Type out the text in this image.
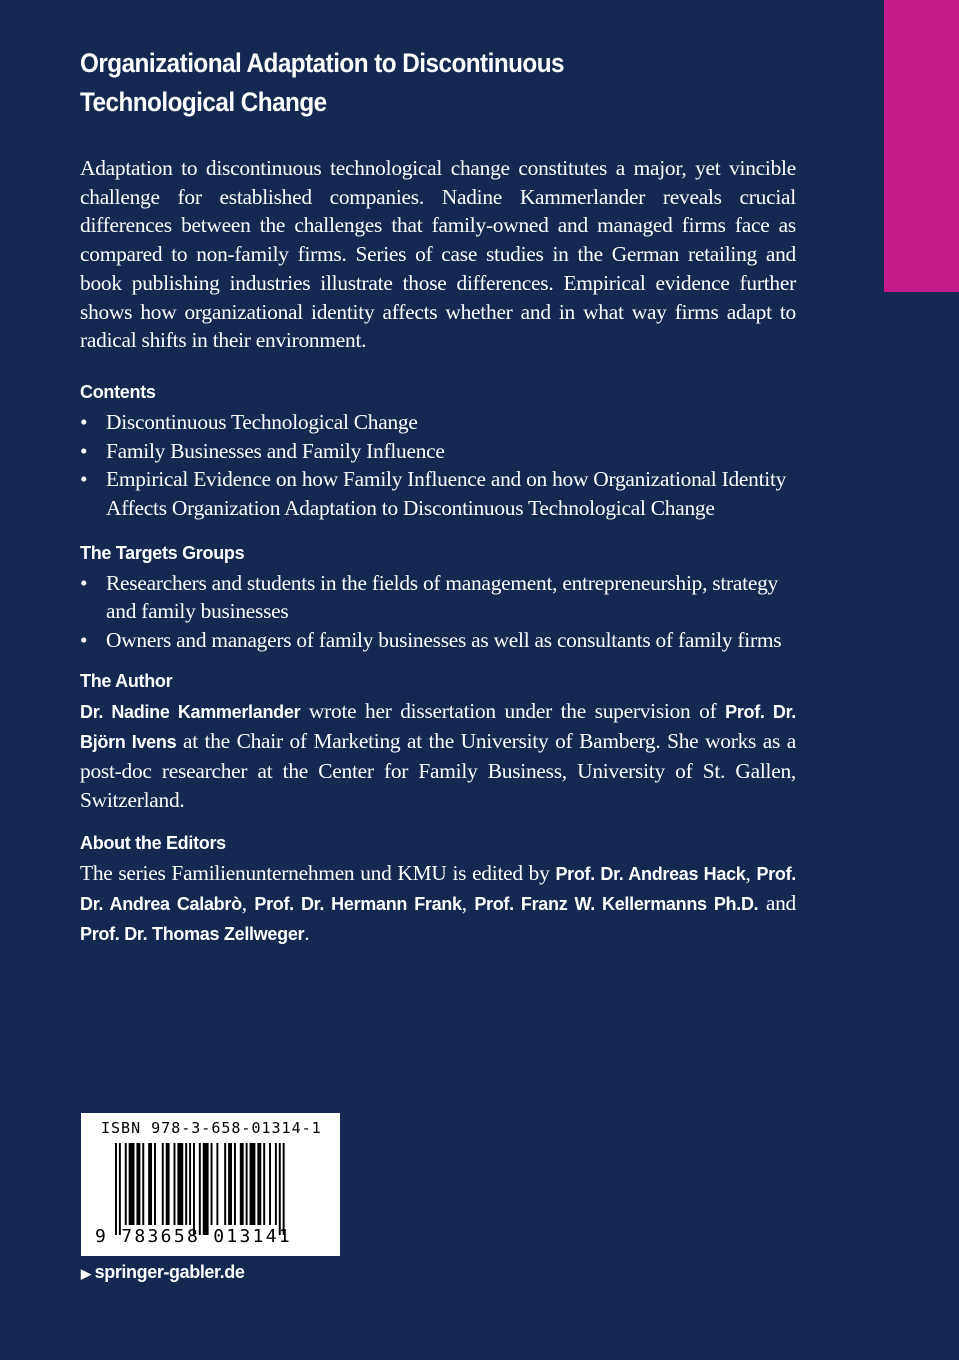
Organizational Adaptation to Discontinuous
Technological Change

Adaptation to discontinuous technological change constitutes a major, yet vincible challenge for established companies. Nadine Kammerlander reveals crucial differences between the challenges that family-owned and managed firms face as compared to non-family firms. Series of case studies in the German retailing and book publishing industries illustrate those differences. Empirical evidence further shows how organizational identity affects whether and in what way firms adapt to radical shifts in their environment.

Contents
• Discontinuous Technological Change
• Family Businesses and Family Influence
• Empirical Evidence on how Family Influence and on how Organizational Identity Affects Organization Adaptation to Discontinuous Technological Change
The Targets Groups
• Researchers and students in the fields of management, entrepreneurship, strategy and family businesses
• Owners and managers of family businesses as well as consultants of family firms
The Author

Dr. Nadine Kammerlander wrote her dissertation under the supervision of Prof. Dr. Björn Ivens at the Chair of Marketing at the University of Bamberg. She works as a post-doc researcher at the Center for Family Business, University of St. Gallen, Switzerland.

About the Editors

The series Familienunternehmen und KMU is edited by Prof. Dr. Andreas Hack, Prof. Dr. Andrea Calabrò, Prof. Dr. Hermann Frank, Prof. Franz W. Kellermanns Ph.D. and Prof. Dr. Thomas Zellweger.

ISBN 978-3-658-01314-1
9 783658 013141
▶ springer-gabler.de
